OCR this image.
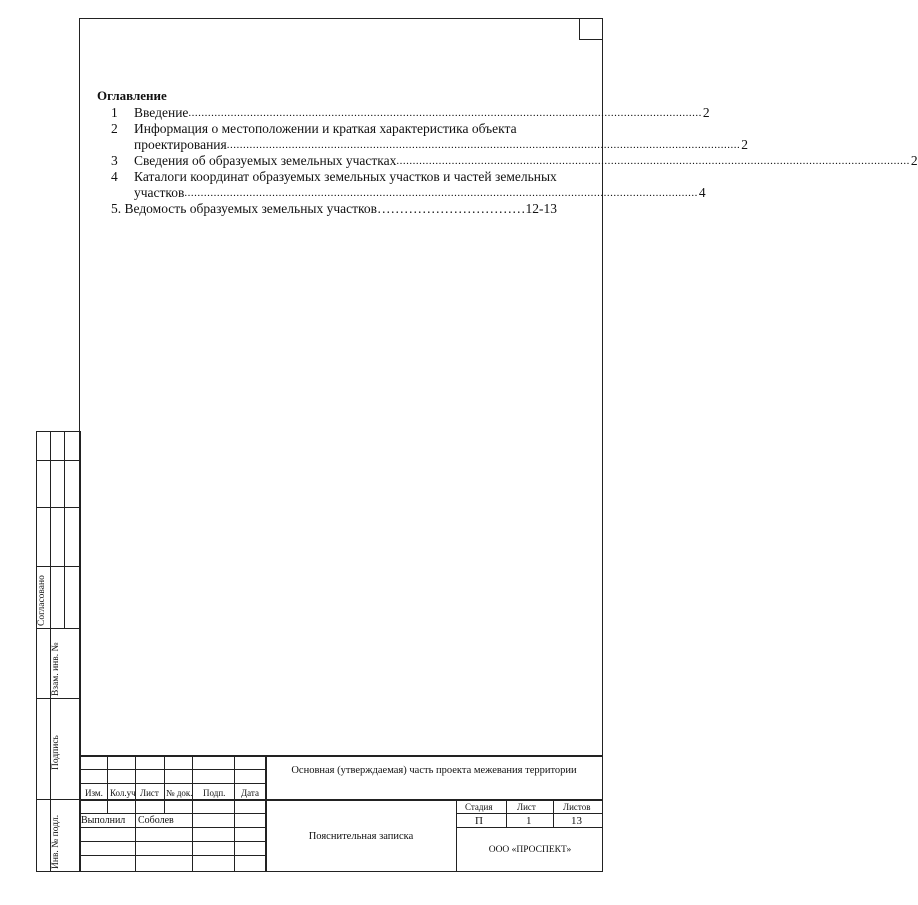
Оглавление
1	Введение .............................................................................................................................................................. 2
2	Информация о местоположении и краткая характеристика объекта
проектирования .............................................................................................................................................................. 2
3	Сведения об образуемых земельных участках .............................................................................................................................................................. 2
4	Каталоги координат образуемых земельных участков и частей земельных
участков .............................................................................................................................................................. 4
5. Ведомость образуемых земельных участков……………………………12-13
Согласовано
Взам. инв. №
Подпись
Инв. № подл.
Изм. Кол.уч Лист № док. Подп. Дата
Выполнил Соболев
Основная (утверждаемая) часть проекта межевания территории
Пояснительная записка
Стадия	Лист	Листов
П	1	13
ООО «ПРОСПЕКТ»
